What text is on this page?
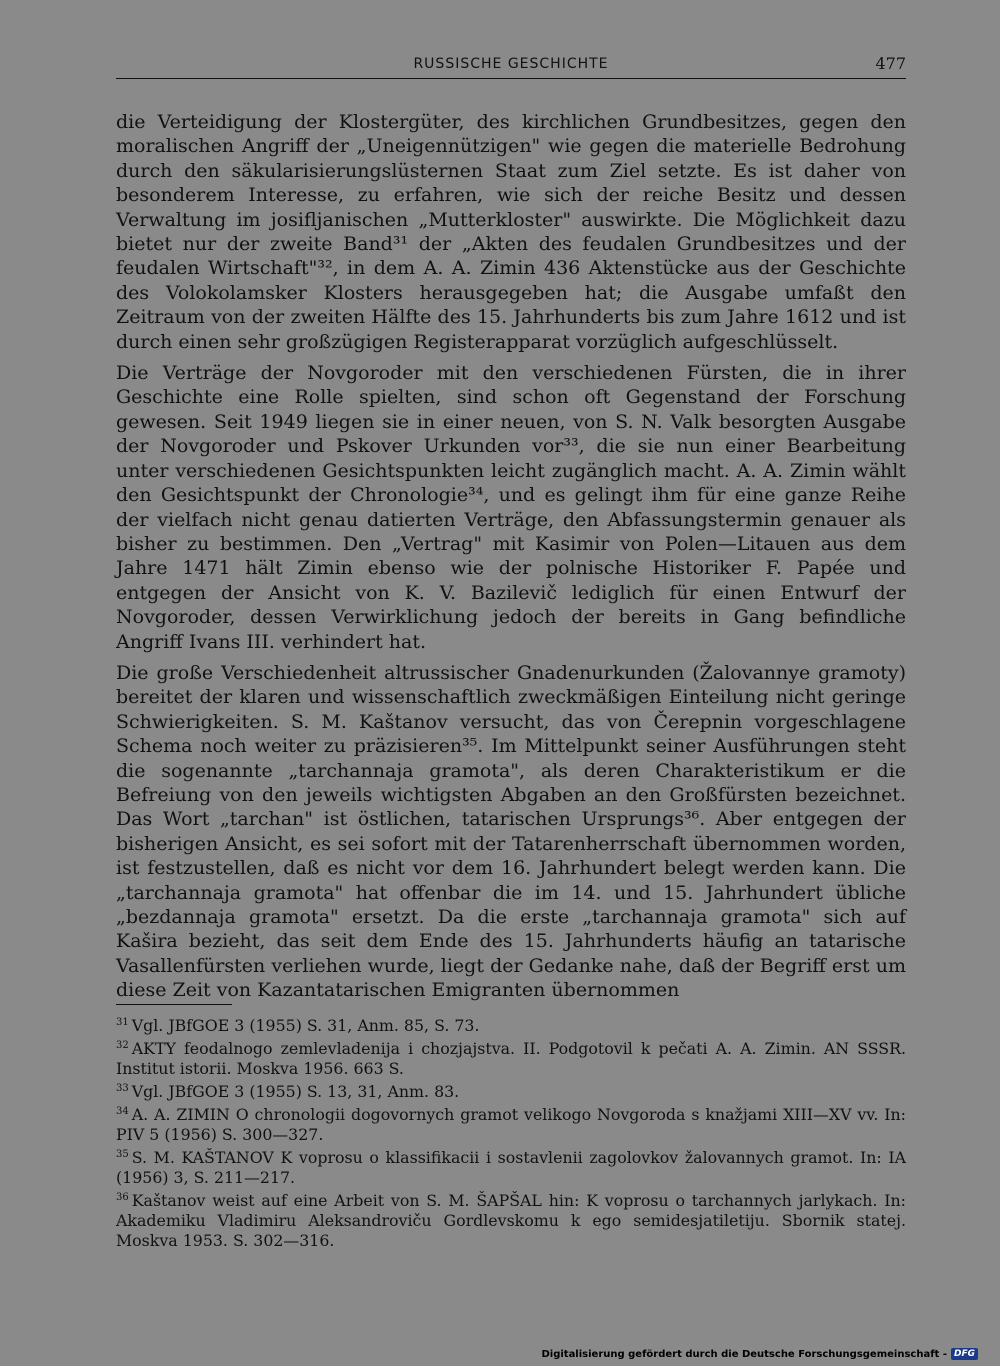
RUSSISCHE GESCHICHTE	477

die Verteidigung der Klostergüter, des kirchlichen Grundbesitzes, gegen den moralischen Angriff der „Uneigennützigen" wie gegen die materielle Bedrohung durch den säkularisierungslüsternen Staat zum Ziel setzte. Es ist daher von besonderem Interesse, zu erfahren, wie sich der reiche Besitz und dessen Verwaltung im josifljanischen „Mutterkloster" auswirkte. Die Möglichkeit dazu bietet nur der zweite Band³¹ der „Akten des feudalen Grundbesitzes und der feudalen Wirtschaft"³², in dem A. A. Zimin 436 Aktenstücke aus der Geschichte des Volokolamsker Klosters herausgegeben hat; die Ausgabe umfaßt den Zeitraum von der zweiten Hälfte des 15. Jahrhunderts bis zum Jahre 1612 und ist durch einen sehr großzügigen Registerapparat vorzüglich aufgeschlüsselt.

Die Verträge der Novgoroder mit den verschiedenen Fürsten, die in ihrer Geschichte eine Rolle spielten, sind schon oft Gegenstand der Forschung gewesen. Seit 1949 liegen sie in einer neuen, von S. N. Valk besorgten Ausgabe der Novgoroder und Pskover Urkunden vor³³, die sie nun einer Bearbeitung unter verschiedenen Gesichtspunkten leicht zugänglich macht. A. A. Zimin wählt den Gesichtspunkt der Chronologie³⁴, und es gelingt ihm für eine ganze Reihe der vielfach nicht genau datierten Verträge, den Abfassungstermin genauer als bisher zu bestimmen. Den „Vertrag" mit Kasimir von Polen—Litauen aus dem Jahre 1471 hält Zimin ebenso wie der polnische Historiker F. Papée und entgegen der Ansicht von K. V. Bazilevič lediglich für einen Entwurf der Novgoroder, dessen Verwirklichung jedoch der bereits in Gang befindliche Angriff Ivans III. verhindert hat.

Die große Verschiedenheit altrussischer Gnadenurkunden (Žalovannye gramoty) bereitet der klaren und wissenschaftlich zweckmäßigen Einteilung nicht geringe Schwierigkeiten. S. M. Kaštanov versucht, das von Čerepnin vorgeschlagene Schema noch weiter zu präzisieren³⁵. Im Mittelpunkt seiner Ausführungen steht die sogenannte „tarchannaja gramota", als deren Charakteristikum er die Befreiung von den jeweils wichtigsten Abgaben an den Großfürsten bezeichnet. Das Wort „tarchan" ist östlichen, tatarischen Ursprungs³⁶. Aber entgegen der bisherigen Ansicht, es sei sofort mit der Tatarenherrschaft übernommen worden, ist festzustellen, daß es nicht vor dem 16. Jahrhundert belegt werden kann. Die „tarchannaja gramota" hat offenbar die im 14. und 15. Jahrhundert übliche „bezdannaja gramota" ersetzt. Da die erste „tarchannaja gramota" sich auf Kašira bezieht, das seit dem Ende des 15. Jahrhunderts häufig an tatarische Vasallenfürsten verliehen wurde, liegt der Gedanke nahe, daß der Begriff erst um diese Zeit von Kazantatarischen Emigranten übernommen

$^{31}$ Vgl. JBfGOE 3 (1955) S. 31, Anm. 85, S. 73.
$^{32}$ AKTY feodalnogo zemlevladenija i chozjajstva. II. Podgotovil k pečati A. A. Zimin. AN SSSR. Institut istorii. Moskva 1956. 663 S.
$^{33}$ Vgl. JBfGOE 3 (1955) S. 13, 31, Anm. 83.
$^{34}$ A. A. ZIMIN O chronologii dogovornych gramot velikogo Novgoroda s knažjami XIII—XV vv. In: PIV 5 (1956) S. 300—327.
$^{35}$ S. M. KAŠTANOV K voprosu o klassifikacii i sostavlenii zagolovkov žalovannych gramot. In: IA (1956) 3, S. 211—217.
$^{36}$ Kaštanov weist auf eine Arbeit von S. M. ŠAPŠAL hin: K voprosu o tarchannych jarlykach. In: Akademiku Vladimiru Aleksandroviču Gordlevskomu k ego semidesjatiletiju. Sbornik statej. Moskva 1953. S. 302—316.
Digitalisierung gefördert durch die Deutsche Forschungsgemeinschaft - DFG
